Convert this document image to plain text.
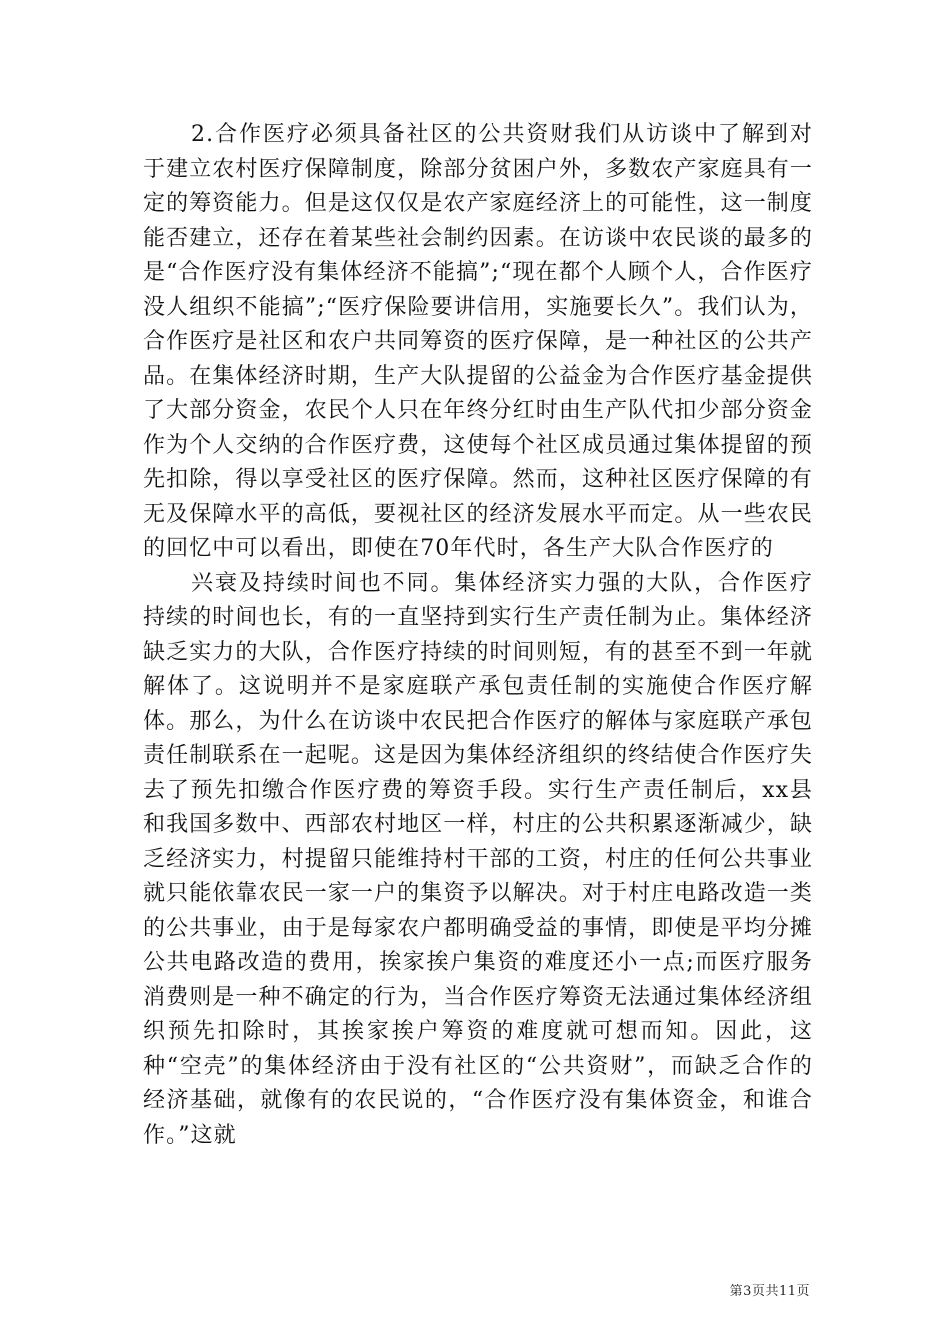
2.合作医疗必须具备社区的公共资财我们从访谈中了解到对于建立农村医疗保障制度，除部分贫困户外，多数农产家庭具有一定的筹资能力。但是这仅仅是农产家庭经济上的可能性，这一制度能否建立，还存在着某些社会制约因素。在访谈中农民谈的最多的是“合作医疗没有集体经济不能搞”;“现在都个人顾个人，合作医疗没人组织不能搞”;“医疗保险要讲信用，实施要长久”。我们认为，合作医疗是社区和农户共同筹资的医疗保障，是一种社区的公共产品。在集体经济时期，生产大队提留的公益金为合作医疗基金提供了大部分资金，农民个人只在年终分红时由生产队代扣少部分资金作为个人交纳的合作医疗费，这使每个社区成员通过集体提留的预先扣除，得以享受社区的医疗保障。然而，这种社区医疗保障的有无及保障水平的高低，要视社区的经济发展水平而定。从一些农民的回忆中可以看出，即使在70年代时，各生产大队合作医疗的

兴衰及持续时间也不同。集体经济实力强的大队，合作医疗持续的时间也长，有的一直坚持到实行生产责任制为止。集体经济缺乏实力的大队，合作医疗持续的时间则短，有的甚至不到一年就解体了。这说明并不是家庭联产承包责任制的实施使合作医疗解体。那么，为什么在访谈中农民把合作医疗的解体与家庭联产承包责任制联系在一起呢。这是因为集体经济组织的终结使合作医疗失去了预先扣缴合作医疗费的筹资手段。实行生产责任制后，xx县和我国多数中、西部农村地区一样，村庄的公共积累逐渐减少，缺乏经济实力，村提留只能维持村干部的工资，村庄的任何公共事业就只能依靠农民一家一户的集资予以解决。对于村庄电路改造一类的公共事业，由于是每家农户都明确受益的事情，即使是平均分摊公共电路改造的费用，挨家挨户集资的难度还小一点;而医疗服务消费则是一种不确定的行为，当合作医疗筹资无法通过集体经济组织预先扣除时，其挨家挨户筹资的难度就可想而知。因此，这种“空壳”的集体经济由于没有社区的“公共资财”，而缺乏合作的经济基础，就像有的农民说的，“合作医疗没有集体资金，和谁合作。”这就

第3页共11页
